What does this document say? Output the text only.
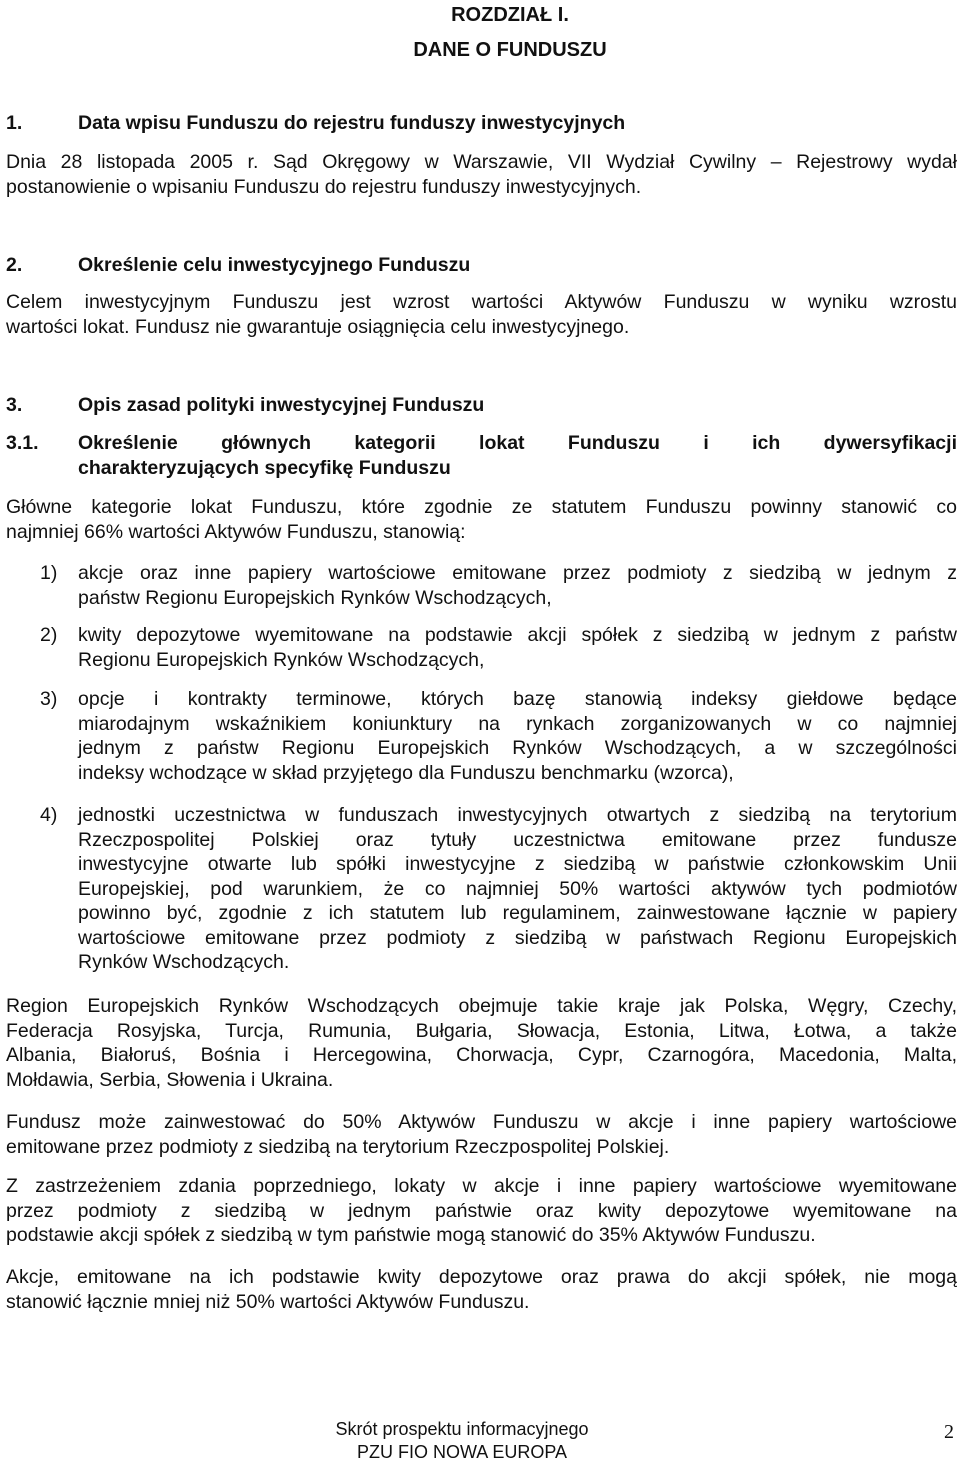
ROZDZIAŁ I.
DANE O FUNDUSZU
1.	Data wpisu Funduszu do rejestru funduszy inwestycyjnych
Dnia 28 listopada 2005 r. Sąd Okręgowy w Warszawie, VII Wydział Cywilny – Rejestrowy wydał
postanowienie o wpisaniu Funduszu do rejestru funduszy inwestycyjnych.
2.	Określenie celu inwestycyjnego Funduszu
Celem inwestycyjnym Funduszu jest wzrost wartości Aktywów Funduszu w wyniku wzrostu
wartości lokat. Fundusz nie gwarantuje osiągnięcia celu inwestycyjnego.
3.	Opis zasad polityki inwestycyjnej Funduszu
3.1. Określenie głównych kategorii lokat Funduszu i ich dywersyfikacji
charakteryzujących specyfikę Funduszu
Główne kategorie lokat Funduszu, które zgodnie ze statutem Funduszu powinny stanowić co
najmniej 66% wartości Aktywów Funduszu, stanowią:
1) akcje oraz inne papiery wartościowe emitowane przez podmioty z siedzibą w jednym z
państw Regionu Europejskich Rynków Wschodzących,
2) kwity depozytowe wyemitowane na podstawie akcji spółek z siedzibą w jednym z państw
Regionu Europejskich Rynków Wschodzących,
3) opcje i kontrakty terminowe, których bazę stanowią indeksy giełdowe będące
miarodajnym wskaźnikiem koniunktury na rynkach zorganizowanych w co najmniej
jednym z państw Regionu Europejskich Rynków Wschodzących, a w szczególności
indeksy wchodzące w skład przyjętego dla Funduszu benchmarku (wzorca),
4) jednostki uczestnictwa w funduszach inwestycyjnych otwartych z siedzibą na terytorium
Rzeczpospolitej Polskiej oraz tytuły uczestnictwa emitowane przez fundusze
inwestycyjne otwarte lub spółki inwestycyjne z siedzibą w państwie członkowskim Unii
Europejskiej, pod warunkiem, że co najmniej 50% wartości aktywów tych podmiotów
powinno być, zgodnie z ich statutem lub regulaminem, zainwestowane łącznie w papiery
wartościowe emitowane przez podmioty z siedzibą w państwach Regionu Europejskich
Rynków Wschodzących.
Region Europejskich Rynków Wschodzących obejmuje takie kraje jak Polska, Węgry, Czechy,
Federacja Rosyjska, Turcja, Rumunia, Bułgaria, Słowacja, Estonia, Litwa, Łotwa, a także
Albania, Białoruś, Bośnia i Hercegowina, Chorwacja, Cypr, Czarnogóra, Macedonia, Malta,
Mołdawia, Serbia, Słowenia i Ukraina.
Fundusz może zainwestować do 50% Aktywów Funduszu w akcje i inne papiery wartościowe
emitowane przez podmioty z siedzibą na terytorium Rzeczpospolitej Polskiej.
Z zastrzeżeniem zdania poprzedniego, lokaty w akcje i inne papiery wartościowe wyemitowane
przez podmioty z siedzibą w jednym państwie oraz kwity depozytowe wyemitowane na
podstawie akcji spółek z siedzibą w tym państwie mogą stanowić do 35% Aktywów Funduszu.
Akcje, emitowane na ich podstawie kwity depozytowe oraz prawa do akcji spółek, nie mogą
stanowić łącznie mniej niż 50% wartości Aktywów Funduszu.
Skrót prospektu informacyjnego
PZU FIO NOWA EUROPA
2
